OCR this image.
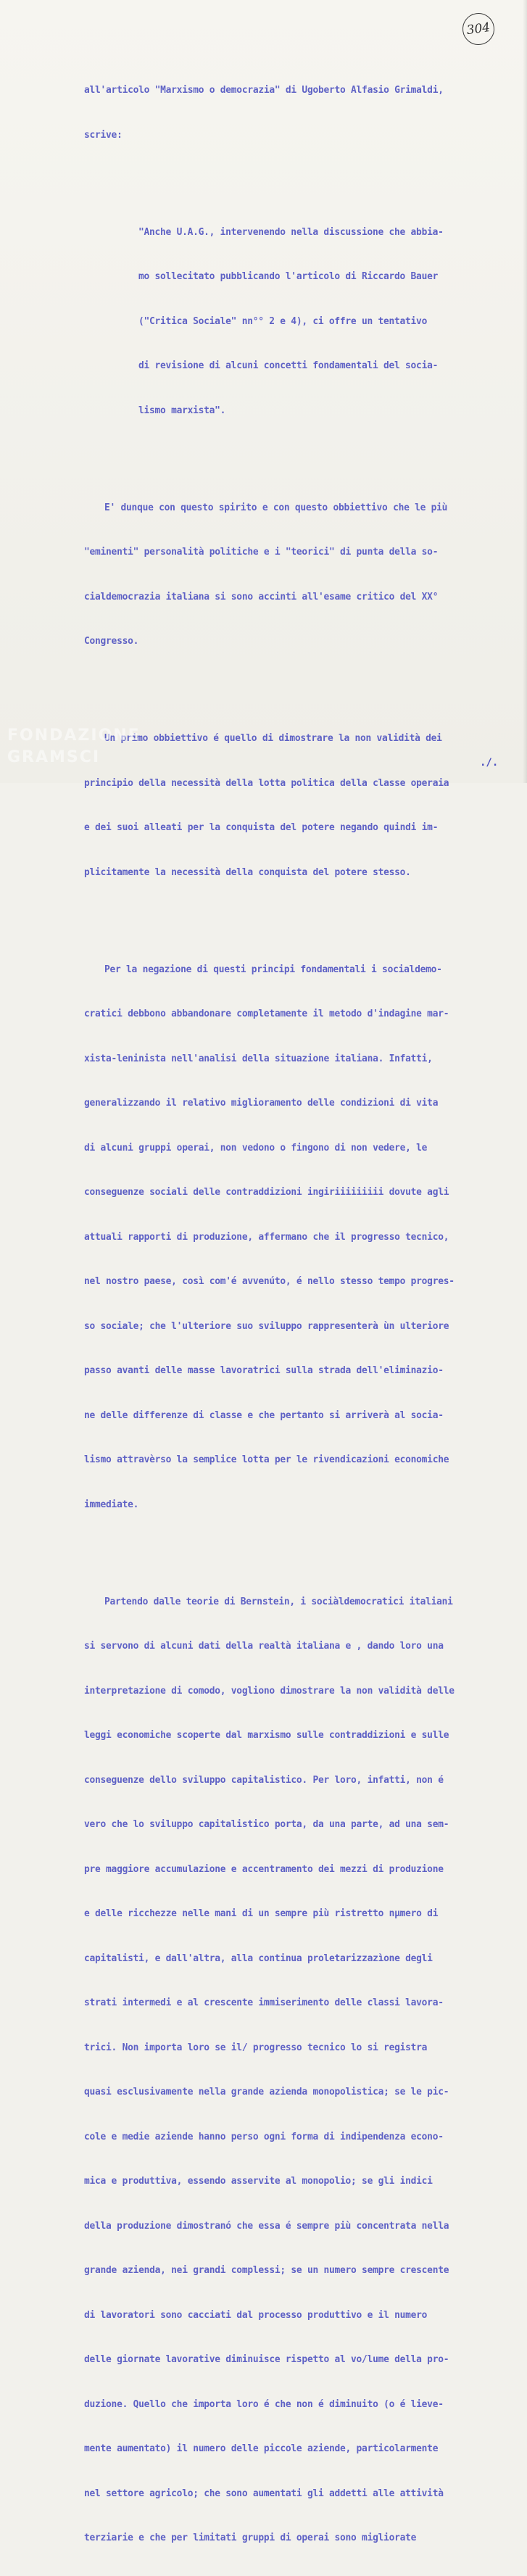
304

all'articolo "Marxismo o democrazia" di Ugoberto Alfasio Grimaldi,

scrive:

"Anche U.A.G., intervenendo nella discussione che abbia-

mo sollecitato pubblicando l'articolo di Riccardo Bauer

("Critica Sociale" nn°° 2 e 4), ci offre un tentativo

di revisione di alcuni concetti fondamentali del socia-

lismo marxista".

E' dunque con questo spirito e con questo obbiettivo che le più

"eminenti" personalità politiche e i "teorici" di punta della so-

cialdemocrazia italiana si sono accinti all'esame critico del XX°

Congresso.

Un primo obbiettivo é quello di dimostrare la non validità dei

principio della necessità della lotta politica della classe operaia

e dei suoi alleati per la conquista del potere negando quindi im-

plicitamente la necessità della conquista del potere stesso.

Per la negazione di questi principi fondamentali i socialdemo-

cratici debbono abbandonare completamente il metodo d'indagine mar-

xista-leninista nell'analisi della situazione italiana. Infatti,

generalizzando il relativo miglioramento delle condizioni di vita

di alcuni gruppi operai, non vedono o fingono di non vedere, le

conseguenze sociali delle contraddizioni ingiriiiiiiiii dovute agli

attuali rapporti di produzione, affermano che il progresso tecnico,

nel nostro paese, così com'é avvenúto, é nello stesso tempo progres-

so sociale; che l'ulteriore suo sviluppo rappresenterà ùn ulteriore

passo avanti delle masse lavoratrici sulla strada dell'eliminazio-

ne delle differenze di classe e che pertanto si arriverà al socia-

lismo attravèrso la semplice lotta per le rivendicazioni economiche

immediate.

Partendo dalle teorie di Bernstein, i sociàldemocratici italiani

si servono di alcuni dati della realtà italiana e , dando loro una

interpretazione di comodo, vogliono dimostrare la non validità delle

leggi economiche scoperte dal marxismo sulle contraddizioni e sulle

conseguenze dello sviluppo capitalistico. Per loro, infatti, non é

vero che lo sviluppo capitalistico porta, da una parte, ad una sem-

pre maggiore accumulazione e accentramento dei mezzi di produzione

e delle ricchezze nelle mani di un sempre più ristretto nµmero di

capitalisti, e dall'altra, alla continua proletarizzazìone degli

strati intermedi e al crescente immiserimento delle classi lavora-

trici. Non importa loro se il/ progresso tecnico lo si registra

quasi esclusivamente nella grande azienda monopolistica; se le pic-

cole e medie aziende hanno perso ogni forma di indipendenza econo-

mica e produttiva, essendo asservite al monopolio; se gli indici

della produzione dimostranó che essa é sempre più concentrata nella

grande azienda, nei grandi complessi; se un numero sempre crescente

di lavoratori sono cacciati dal processo produttivo e il numero

delle giornate lavorative diminuisce rispetto al vo/lume della pro-

duzione. Quello che importa loro é che non é diminuito (o é lieve-

mente aumentato) il numero delle piccole aziende, particolarmente

nel settore agricolo; che sono aumentati gli addetti alle attività

terziarie e che per limitati gruppi di operai sono migliorate

./.
FONDAZIONE GRAMSCI
